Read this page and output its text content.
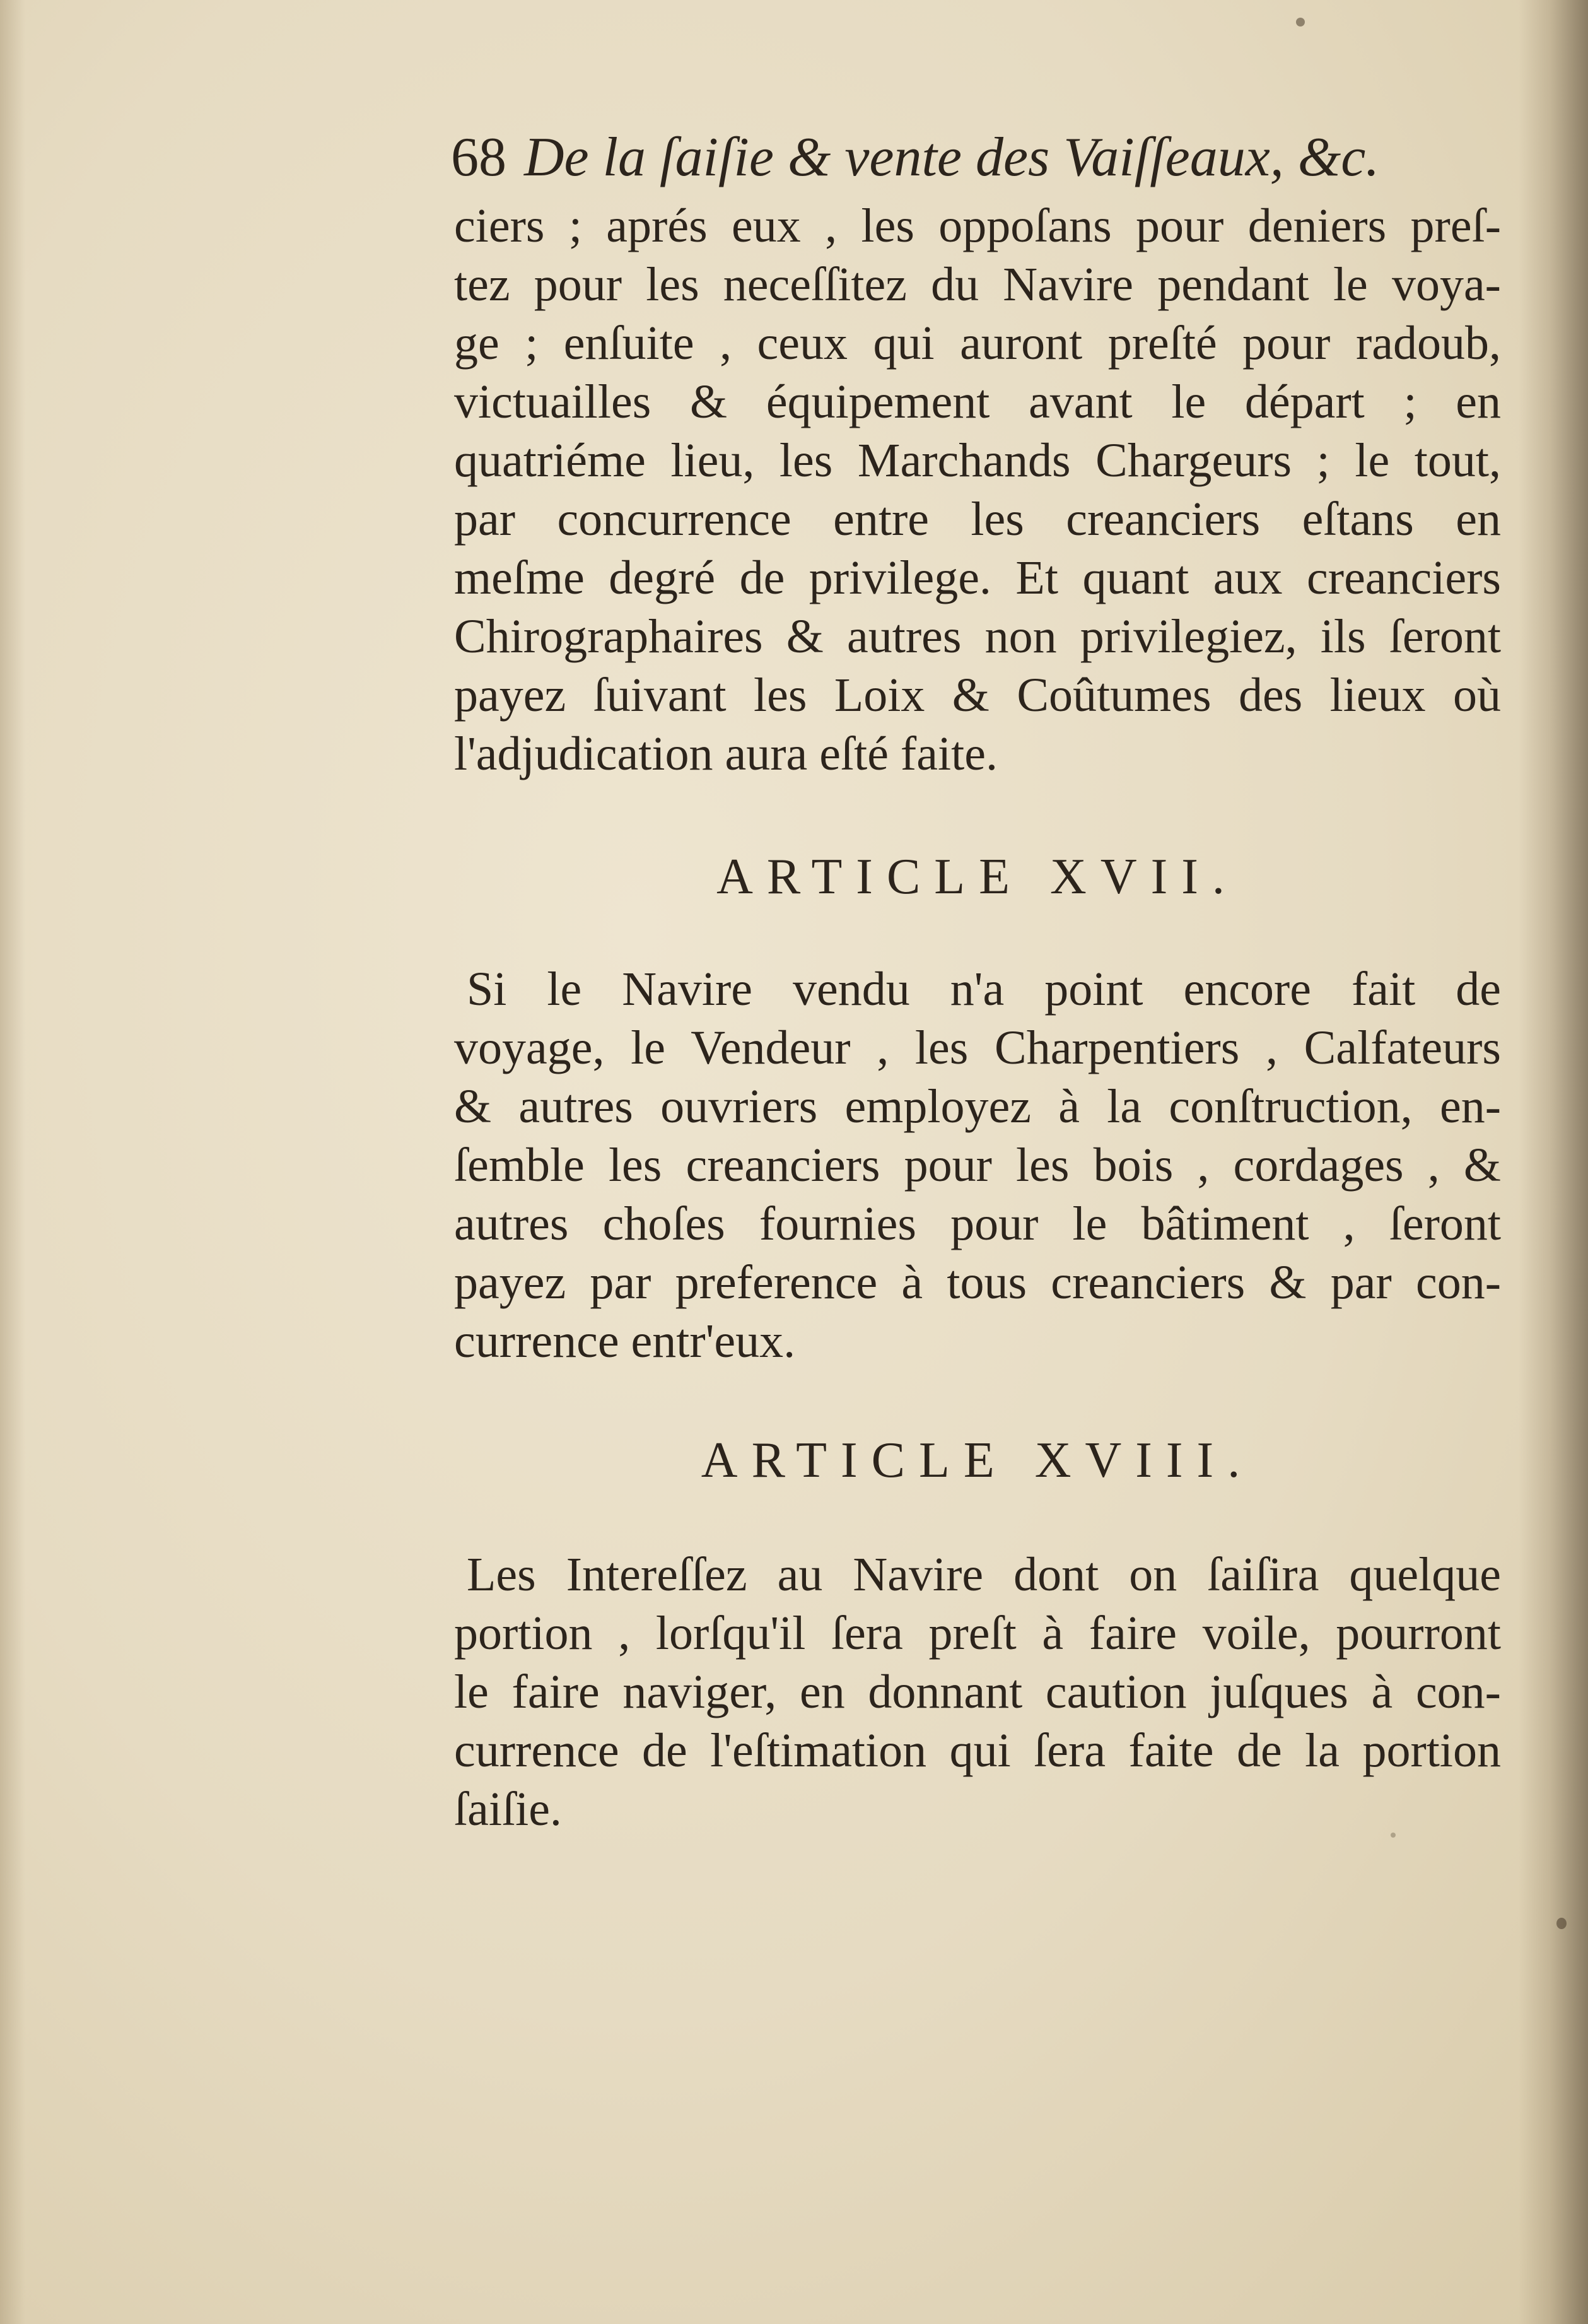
68 De la ſaiſie & vente des Vaiſſeaux, &c.
ciers ; aprés eux , les oppoſans pour deniers preſ-
tez pour les neceſſitez du Navire pendant le voya-
ge ; enſuite , ceux qui auront preſté pour radoub,
victuailles & équipement avant le départ ; en
quatriéme lieu, les Marchands Chargeurs ; le tout,
par concurrence entre les creanciers eſtans en
meſme degré de privilege. Et quant aux creanciers
Chirographaires & autres non privilegiez, ils ſeront
payez ſuivant les Loix & Coûtumes des lieux où
l'adjudication aura eſté faite.
ARTICLE XVII.
Si le Navire vendu n'a point encore fait de
voyage, le Vendeur , les Charpentiers , Calfateurs
& autres ouvriers employez à la conſtruction, en-
ſemble les creanciers pour les bois , cordages , &
autres choſes fournies pour le bâtiment , ſeront
payez par preference à tous creanciers & par con-
currence entr'eux.
ARTICLE XVIII.
Les Intereſſez au Navire dont on ſaiſira quelque
portion , lorſqu'il ſera preſt à faire voile, pourront
le faire naviger, en donnant caution juſques à con-
currence de l'eſtimation qui ſera faite de la portion
ſaiſie.
